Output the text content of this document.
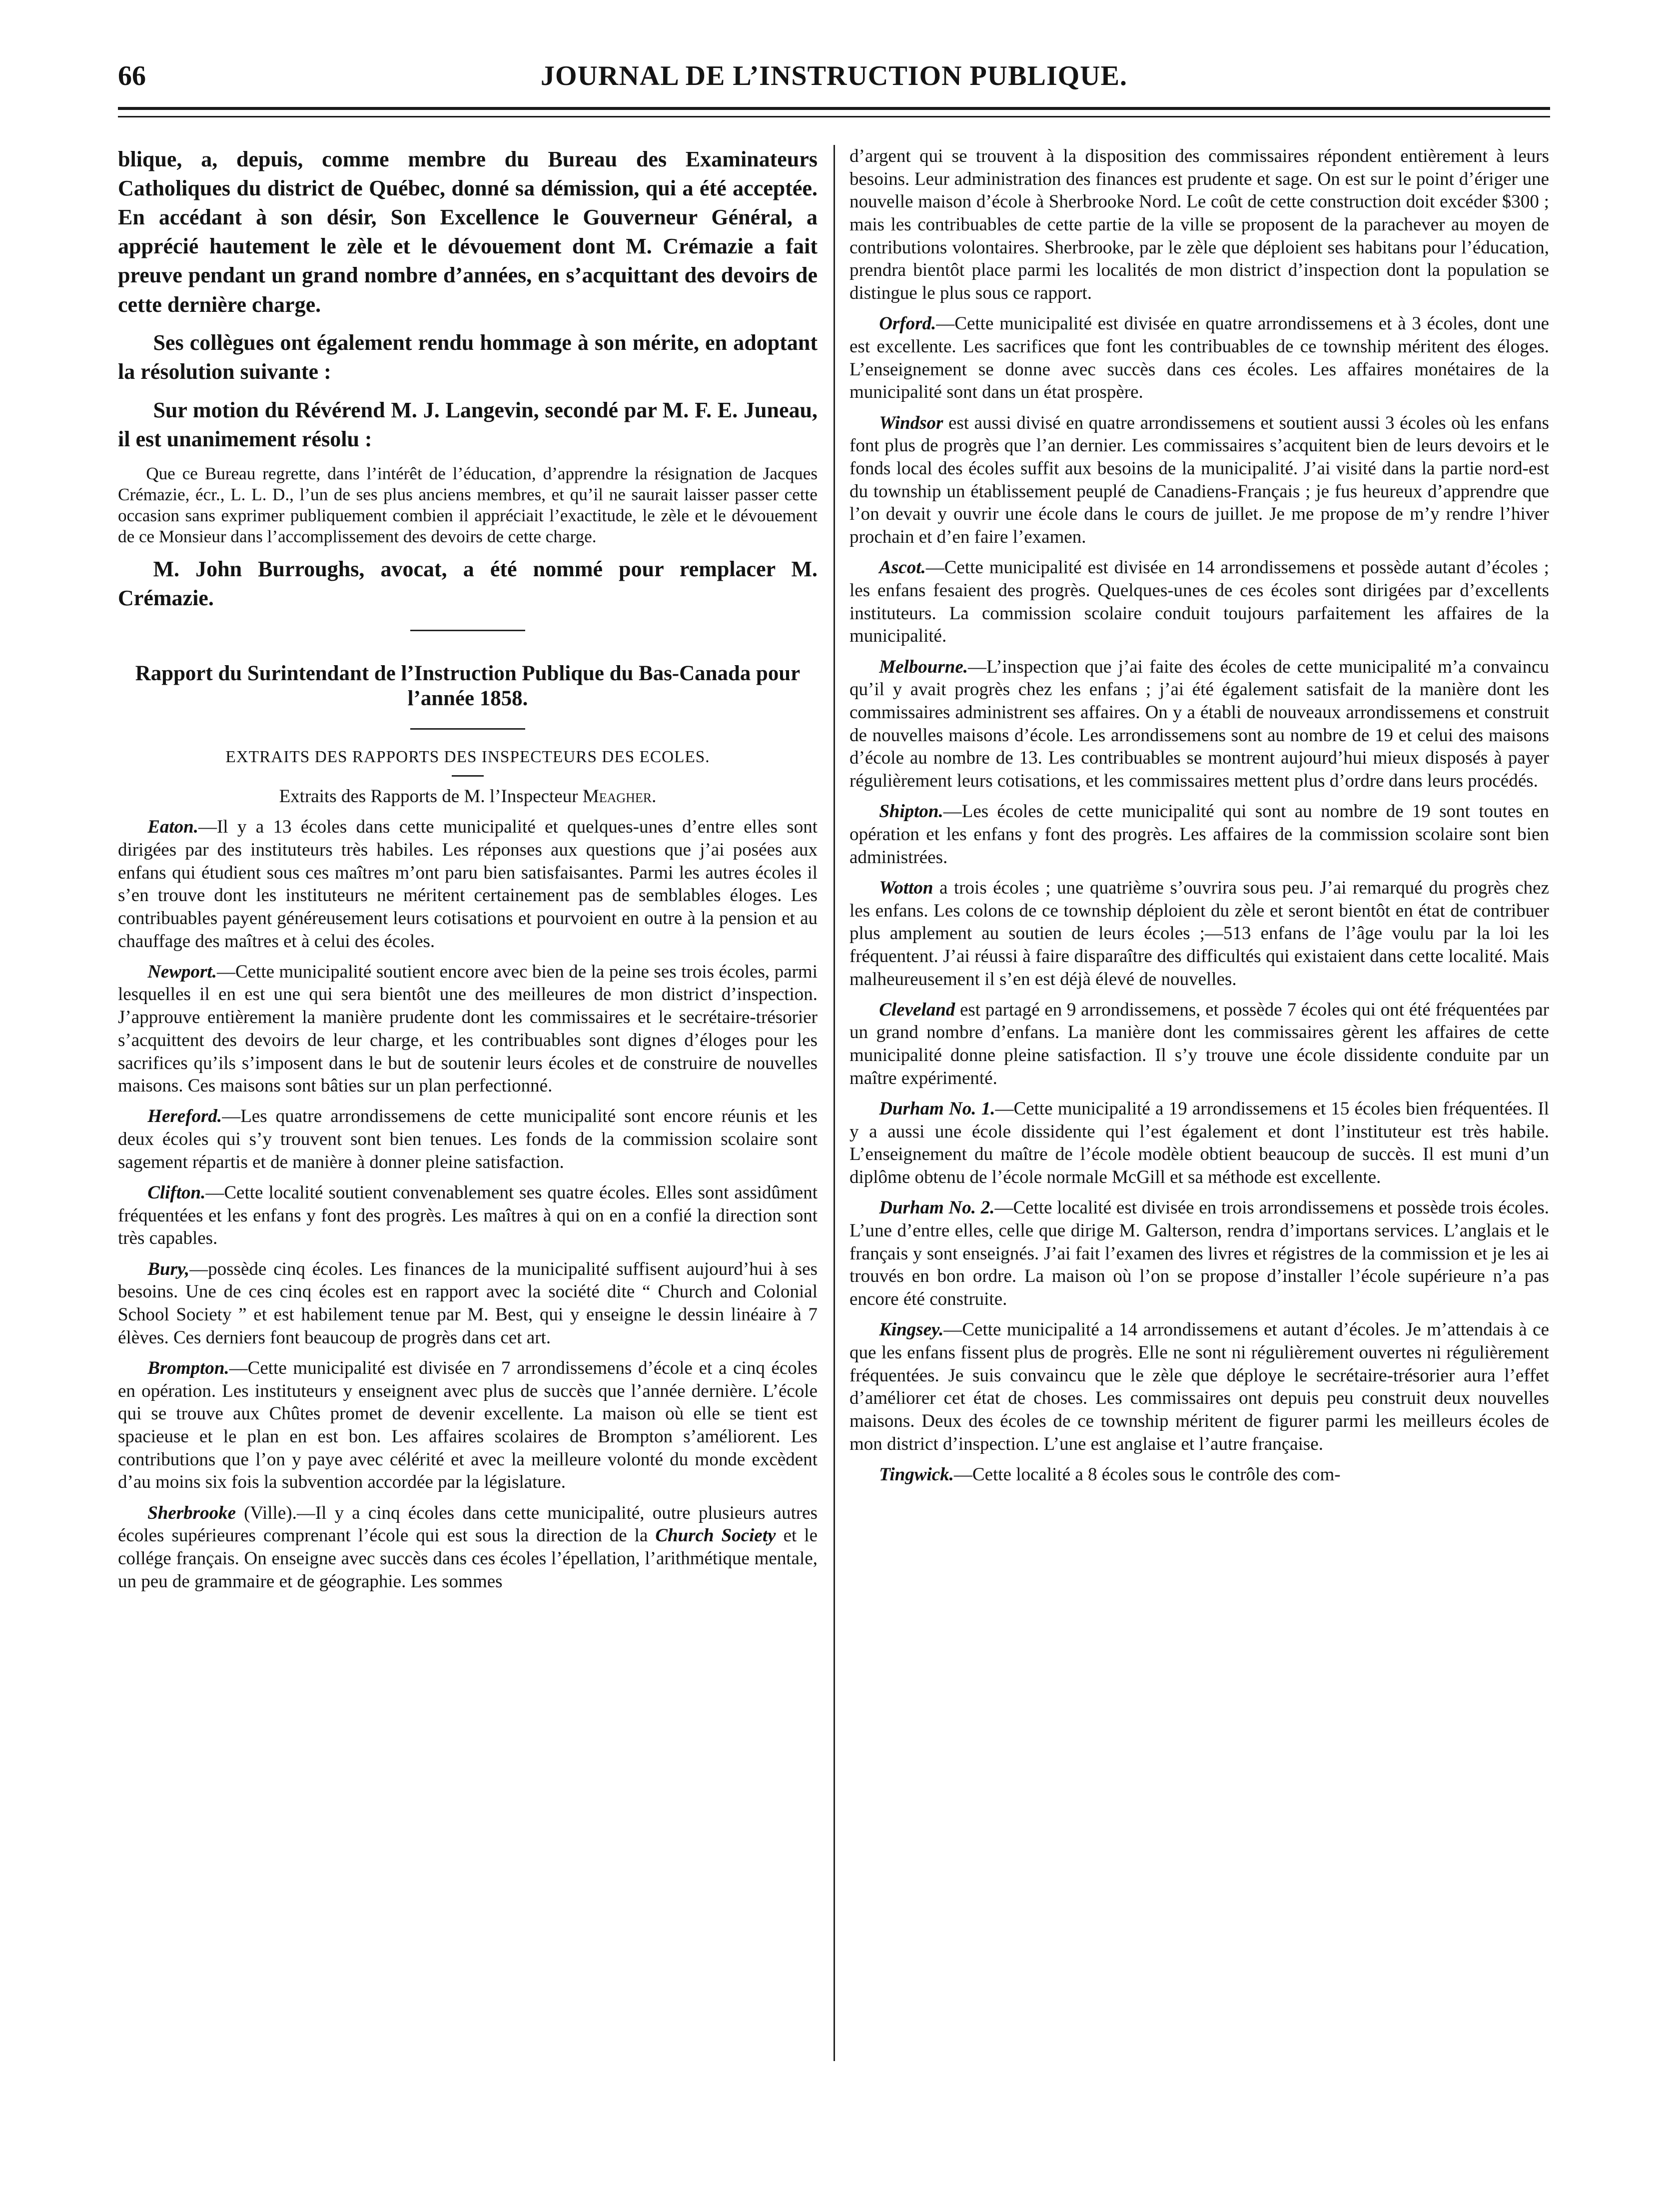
JOURNAL DE L’INSTRUCTION PUBLIQUE.
66

blique, a, depuis, comme membre du Bureau des Examinateurs Catholiques du district de Québec, donné sa démission, qui a été acceptée. En accédant à son désir, Son Excellence le Gouverneur Général, a apprécié hautement le zèle et le dévouement dont M. Crémazie a fait preuve pendant un grand nombre d’années, en s’acquittant des devoirs de cette dernière charge.

Ses collègues ont également rendu hommage à son mérite, en adoptant la résolution suivante :

Sur motion du Révérend M. J. Langevin, secondé par M. F. E. Juneau, il est unanimement résolu :

Que ce Bureau regrette, dans l’intérêt de l’éducation, d’apprendre la résignation de Jacques Crémazie, écr., L. L. D., l’un de ses plus anciens membres, et qu’il ne saurait laisser passer cette occasion sans exprimer publiquement combien il appréciait l’exactitude, le zèle et le dévouement de ce Monsieur dans l’accomplissement des devoirs de cette charge.

M. John Burroughs, avocat, a été nommé pour remplacer M. Crémazie.

Rapport du Surintendant de l’Instruction Publique du Bas-Canada pour l’année 1858.

EXTRAITS DES RAPPORTS DES INSPECTEURS DES ECOLES.

Extraits des Rapports de M. l’Inspecteur Meagher.

Eaton.—Il y a 13 écoles dans cette municipalité et quelques-unes d’entre elles sont dirigées par des instituteurs très habiles. Les réponses aux questions que j’ai posées aux enfans qui étudient sous ces maîtres m’ont paru bien satisfaisantes. Parmi les autres écoles il s’en trouve dont les instituteurs ne méritent certainement pas de semblables éloges. Les contribuables payent généreusement leurs cotisations et pourvoient en outre à la pension et au chauffage des maîtres et à celui des écoles.

Newport.—Cette municipalité soutient encore avec bien de la peine ses trois écoles, parmi lesquelles il en est une qui sera bientôt une des meilleures de mon district d’inspection. J’approuve entièrement la manière prudente dont les commissaires et le secrétaire-trésorier s’acquittent des devoirs de leur charge, et les contribuables sont dignes d’éloges pour les sacrifices qu’ils s’imposent dans le but de soutenir leurs écoles et de construire de nouvelles maisons. Ces maisons sont bâties sur un plan perfectionné.

Hereford.—Les quatre arrondissemens de cette municipalité sont encore réunis et les deux écoles qui s’y trouvent sont bien tenues. Les fonds de la commission scolaire sont sagement répartis et de manière à donner pleine satisfaction.

Clifton.—Cette localité soutient convenablement ses quatre écoles. Elles sont assidûment fréquentées et les enfans y font des progrès. Les maîtres à qui on en a confié la direction sont très capables.

Bury,—possède cinq écoles. Les finances de la municipalité suffisent aujourd’hui à ses besoins. Une de ces cinq écoles est en rapport avec la société dite “ Church and Colonial School Society ” et est habilement tenue par M. Best, qui y enseigne le dessin linéaire à 7 élèves. Ces derniers font beaucoup de progrès dans cet art.

Brompton.—Cette municipalité est divisée en 7 arrondissemens d’école et a cinq écoles en opération. Les instituteurs y enseignent avec plus de succès que l’année dernière. L’école qui se trouve aux Chûtes promet de devenir excellente. La maison où elle se tient est spacieuse et le plan en est bon. Les affaires scolaires de Brompton s’améliorent. Les contributions que l’on y paye avec célérité et avec la meilleure volonté du monde excèdent d’au moins six fois la subvention accordée par la législature.

Sherbrooke (Ville).—Il y a cinq écoles dans cette municipalité, outre plusieurs autres écoles supérieures comprenant l’école qui est sous la direction de la Church Society et le collége français. On enseigne avec succès dans ces écoles l’épellation, l’arithmétique mentale, un peu de grammaire et de géographie. Les sommes

d’argent qui se trouvent à la disposition des commissaires répondent entièrement à leurs besoins. Leur administration des finances est prudente et sage. On est sur le point d’ériger une nouvelle maison d’école à Sherbrooke Nord. Le coût de cette construction doit excéder $300 ; mais les contribuables de cette partie de la ville se proposent de la parachever au moyen de contributions volontaires. Sherbrooke, par le zèle que déploient ses habitans pour l’éducation, prendra bientôt place parmi les localités de mon district d’inspection dont la population se distingue le plus sous ce rapport.

Orford.—Cette municipalité est divisée en quatre arrondissemens et à 3 écoles, dont une est excellente. Les sacrifices que font les contribuables de ce township méritent des éloges. L’enseignement se donne avec succès dans ces écoles. Les affaires monétaires de la municipalité sont dans un état prospère.

Windsor est aussi divisé en quatre arrondissemens et soutient aussi 3 écoles où les enfans font plus de progrès que l’an dernier. Les commissaires s’acquitent bien de leurs devoirs et le fonds local des écoles suffit aux besoins de la municipalité. J’ai visité dans la partie nord-est du township un établissement peuplé de Canadiens-Français ; je fus heureux d’apprendre que l’on devait y ouvrir une école dans le cours de juillet. Je me propose de m’y rendre l’hiver prochain et d’en faire l’examen.

Ascot.—Cette municipalité est divisée en 14 arrondissemens et possède autant d’écoles ; les enfans fesaient des progrès. Quelques-unes de ces écoles sont dirigées par d’excellents instituteurs. La commission scolaire conduit toujours parfaitement les affaires de la municipalité.

Melbourne.—L’inspection que j’ai faite des écoles de cette municipalité m’a convaincu qu’il y avait progrès chez les enfans ; j’ai été également satisfait de la manière dont les commissaires administrent ses affaires. On y a établi de nouveaux arrondissemens et construit de nouvelles maisons d’école. Les arrondissemens sont au nombre de 19 et celui des maisons d’école au nombre de 13. Les contribuables se montrent aujourd’hui mieux disposés à payer régulièrement leurs cotisations, et les commissaires mettent plus d’ordre dans leurs procédés.

Shipton.—Les écoles de cette municipalité qui sont au nombre de 19 sont toutes en opération et les enfans y font des progrès. Les affaires de la commission scolaire sont bien administrées.

Wotton a trois écoles ; une quatrième s’ouvrira sous peu. J’ai remarqué du progrès chez les enfans. Les colons de ce township déploient du zèle et seront bientôt en état de contribuer plus amplement au soutien de leurs écoles ;—513 enfans de l’âge voulu par la loi les fréquentent. J’ai réussi à faire disparaître des difficultés qui existaient dans cette localité. Mais malheureusement il s’en est déjà élevé de nouvelles.

Cleveland est partagé en 9 arrondissemens, et possède 7 écoles qui ont été fréquentées par un grand nombre d’enfans. La manière dont les commissaires gèrent les affaires de cette municipalité donne pleine satisfaction. Il s’y trouve une école dissidente conduite par un maître expérimenté.

Durham No. 1.—Cette municipalité a 19 arrondissemens et 15 écoles bien fréquentées. Il y a aussi une école dissidente qui l’est également et dont l’instituteur est très habile. L’enseignement du maître de l’école modèle obtient beaucoup de succès. Il est muni d’un diplôme obtenu de l’école normale McGill et sa méthode est excellente.

Durham No. 2.—Cette localité est divisée en trois arrondissemens et possède trois écoles. L’une d’entre elles, celle que dirige M. Galterson, rendra d’importans services. L’anglais et le français y sont enseignés. J’ai fait l’examen des livres et régistres de la commission et je les ai trouvés en bon ordre. La maison où l’on se propose d’installer l’école supérieure n’a pas encore été construite.

Kingsey.—Cette municipalité a 14 arrondissemens et autant d’écoles. Je m’attendais à ce que les enfans fissent plus de progrès. Elle ne sont ni régulièrement ouvertes ni régulièrement fréquentées. Je suis convaincu que le zèle que déploye le secrétaire-trésorier aura l’effet d’améliorer cet état de choses. Les commissaires ont depuis peu construit deux nouvelles maisons. Deux des écoles de ce township méritent de figurer parmi les meilleurs écoles de mon district d’inspection. L’une est anglaise et l’autre française.

Tingwick.—Cette localité a 8 écoles sous le contrôle des com-
